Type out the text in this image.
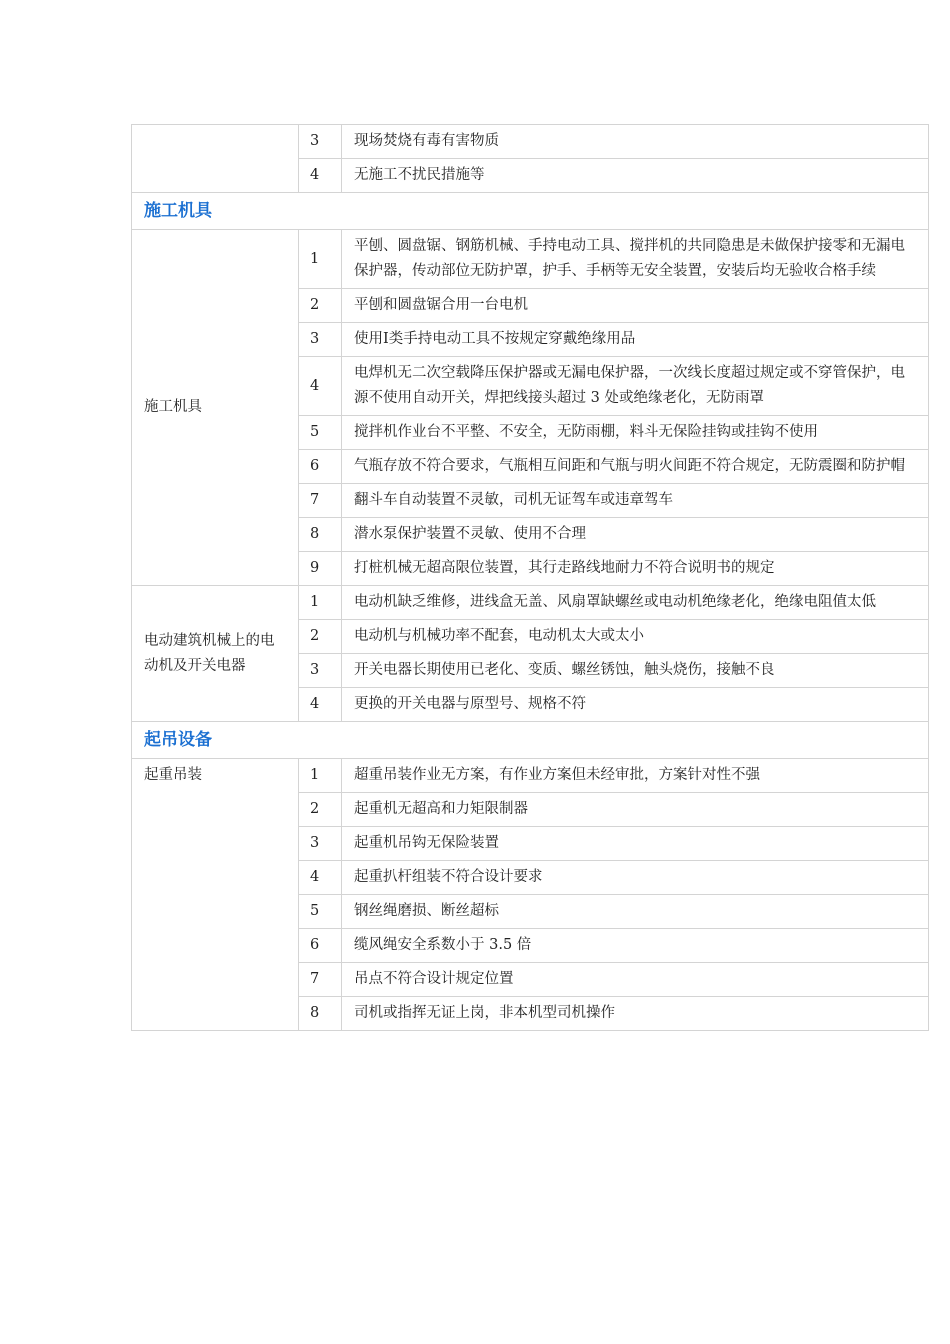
	3	现场焚烧有毒有害物质
	4	无施工不扰民措施等
施工机具		
施工机具	1	平刨、圆盘锯、钢筋机械、手持电动工具、搅拌机的共同隐患是未做保护接零和无漏电保护器，传动部位无防护罩，护手、手柄等无安全装置，安装后均无验收合格手续
	2	平刨和圆盘锯合用一台电机
	3	使用Ⅰ类手持电动工具不按规定穿戴绝缘用品
	4	电焊机无二次空载降压保护器或无漏电保护器，一次线长度超过规定或不穿管保护，电源不使用自动开关，焊把线接头超过 3 处或绝缘老化，无防雨罩
	5	搅拌机作业台不平整、不安全，无防雨棚，料斗无保险挂钩或挂钩不使用
	6	气瓶存放不符合要求，气瓶相互间距和气瓶与明火间距不符合规定，无防震圈和防护帽
	7	翻斗车自动装置不灵敏，司机无证驾车或违章驾车
	8	潜水泵保护装置不灵敏、使用不合理
	9	打桩机械无超高限位装置，其行走路线地耐力不符合说明书的规定
电动建筑机械上的电动机及开关电器	1	电动机缺乏维修，进线盒无盖、风扇罩缺螺丝或电动机绝缘老化，绝缘电阻值太低
	2	电动机与机械功率不配套，电动机太大或太小
	3	开关电器长期使用已老化、变质、螺丝锈蚀，触头烧伤，接触不良
	4	更换的开关电器与原型号、规格不符
起吊设备		
起重吊装	1	超重吊装作业无方案，有作业方案但未经审批，方案针对性不强
	2	起重机无超高和力矩限制器
	3	起重机吊钩无保险装置
	4	起重扒杆组装不符合设计要求
	5	钢丝绳磨损、断丝超标
	6	缆风绳安全系数小于 3.5 倍
	7	吊点不符合设计规定位置
	8	司机或指挥无证上岗，非本机型司机操作
